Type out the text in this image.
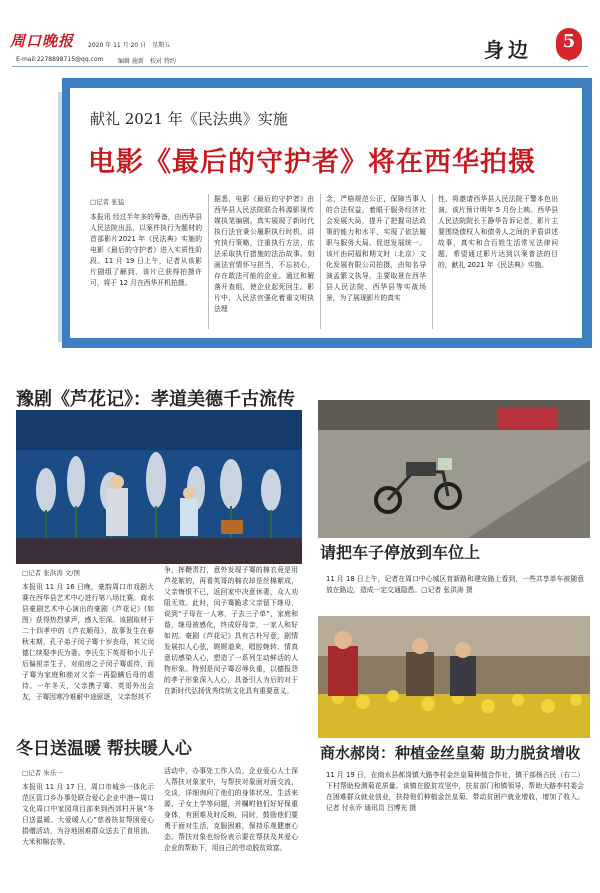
周口晚报 2020 年 11 月 20 日　星期五
E-mail:2278898715@qq.com 编辑 施新　校对 特约	身边	5
献礼 2021 年《民法典》实施
电影《最后的守护者》将在西华拍摄
□记者 张猛
本报讯 经过半年多的筹备，由西华县人民法院出品，以案件执行为题材的首部影片2021 年《民法典》实施的电影《最后的守护者》进入实质性阶段。11 月 19 日上午，记者从该影片剧组了解到，该片已获得拍摄许可，将于 12 月在西华开机拍摄。
据悉，电影《最后的守护者》由西华县人民法院联合科源影视传媒执笔编剧。真实展现了新时代执行法官秉公履职执行时机，讲究执行策略，注重执行方法，依法采取执行措施的法治故事。刻画法官情怀与担当，不忘初心，存在敢法可能的企业。通过和解落开查组，使企业起死回生。影片中，人民法官强化着重文明执法理
念，严格规范公正，保障当事人的合法权益，着眼于服务经济社会发展大局，提升了把握司法政策的能力和水平，实现了依法履职与服务大局、促进发展统一。该片由同福和期文时（北京）文化发展有限公司拍摄，由知名导演孟繁文执导，主要取景在西华县人民法院、西华县等实战场景，为了展现影片的真实
性，将邀请西华县人民法院干警本色出演。该片预计明年 5 月份上映。西华县人民法院院长王静华告诉记者，影片主要围绕债权人和债务人之间的矛盾讲述故事，真实和合百姓生活常见法律问题，希望通过影片达到以案普法的目的，献礼 2021 年《民法典》实施。
豫剧《芦花记》：孝道美德千古流传
□记者 张洪涛 文/图
本报讯 11 月 16 日晚，豪韵周口市戏剧大赛在西华县艺术中心进行第八场比赛。商水县豪剧艺术中心演出的豪剧《芦花记》(如图）获得热烈掌声，感人至深。该剧取材于二十四孝中的《芦衣顺母》，故事发生在春秋末期，孔子弟子闵子骞十岁丧母，其父闵德仁续娶李氏为妻。李氏生下英哥和小儿子后偏袒亲生子，对前房之子闵子骞虐待，而子骞为家庭和睦对父亲一再隐瞒后母的虐待。一年冬天，父亲携子骞、英哥外出会友，子骞因寒冷难耐中途驱逐，父亲怒其不
争，挥鞭责打，意外发现子骞的棉衣竟是用芦花絮的，再看英哥的棉衣却是丝棉絮成，父亲悔恨不已，返回家中决意休妻，众人劝阻无效。此时，闵子骞跪求父亲留下继母，说到“子母在一人寒，子去三子单”，家庭和谐，继母被感化，终成好母亲，一家人和好如初。豪剧《芦花记》具有古朴写意，剧情发展扣人心弦，娓娓道来，唱腔婉转、情真意切感染人心，塑造了一系列生动鲜活的人物形象。特别是闵子骞忍辱负重，以德报怨的孝子形象深入人心，具备引人为后的对于在新时代弘扬优秀传统文化具有重要意义。
请把车子停放到车位上
11 月 18 日上午，记者在周口中心城区育新路和建安路上看到，一些共享单车被随意放在路边，造成一定交通隐患。□记者 张洪涛 摄
冬日送温暖 帮扶暖人心
□记者 朱乐一
本报讯 11 月 17 日，周口市城乡一体化示范区管口乡办事处联合爱心企业中港—周口文化周口中家园项目部来到西郊村开展“冬日送温暖、大爱暖人心”慈善扶贫帮困爱心捐赠活动，为谷地困难群众送去了食用油、大米和棉衣等。
活动中，办事处工作人员、企业爱心人士深入帮扶对象家中，与帮扶对象面对面交流，交谈，详细询问了他们的身体状况、生活来源、子女上学等问题，并嘱咐他们好好保重身体，有困难及时反映，同时，鼓励他们要勇于面对生活，克服困难，保持乐观健康心态。帮扶对象也纷纷表示要在帮扶及其爱心企业的帮助下，用自己的劳动脱贫致富。
商水郝岗：种植金丝皇菊 助力脱贫增收
11 月 19 日，在商水县郝岗镇大路李村金丝皇菊种植合作社，镇干部杨占民（右二）下村帮助检测菊花质量。该镇在脱贫攻坚中，扶贫部门和镇领导，帮助大路李村委会在困难群众就业创业，扶持他们种植金丝皇菊、带动贫困户就业增收，增加了收入。记者 付永乔 通讯员 吕博光 摄
